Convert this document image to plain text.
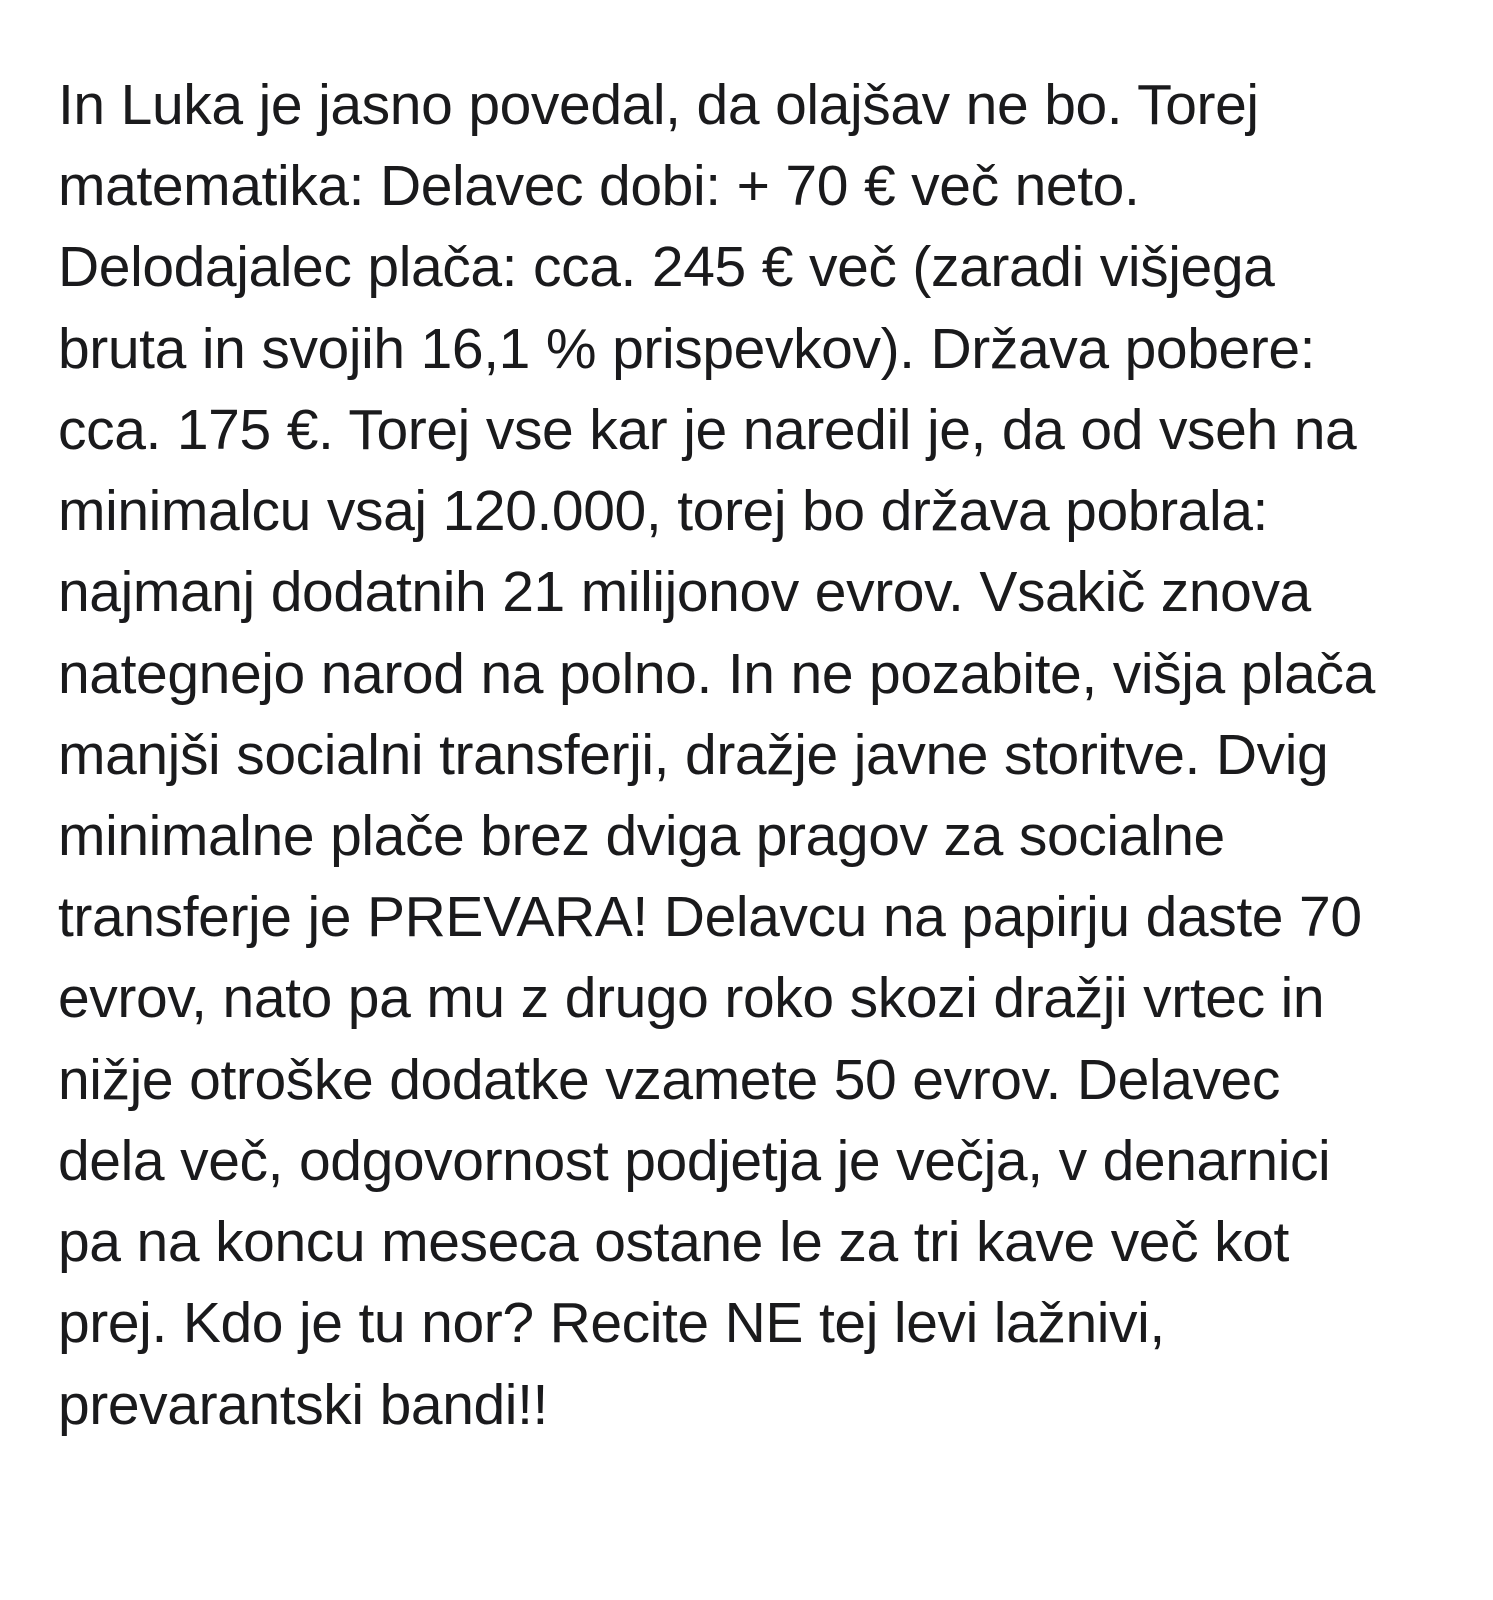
In Luka je jasno povedal, da olajšav ne bo. Torej matematika: Delavec dobi: + 70 € več neto. Delodajalec plača: cca. 245 € več (zaradi višjega bruta in svojih 16,1 % prispevkov). Država pobere: cca. 175 €. Torej vse kar je naredil je, da od vseh na minimalcu vsaj 120.000, torej bo država pobrala: najmanj dodatnih 21 milijonov evrov. Vsakič znova nategnejo narod na polno. In ne pozabite, višja plača manjši socialni transferji, dražje javne storitve. Dvig minimalne plače brez dviga pragov za socialne transferje je PREVARA! Delavcu na papirju daste 70 evrov, nato pa mu z drugo roko skozi dražji vrtec in nižje otroške dodatke vzamete 50 evrov. Delavec dela več, odgovornost podjetja je večja, v denarnici pa na koncu meseca ostane le za tri kave več kot prej. Kdo je tu nor? Recite NE tej levi lažnivi, prevarantski bandi!!
